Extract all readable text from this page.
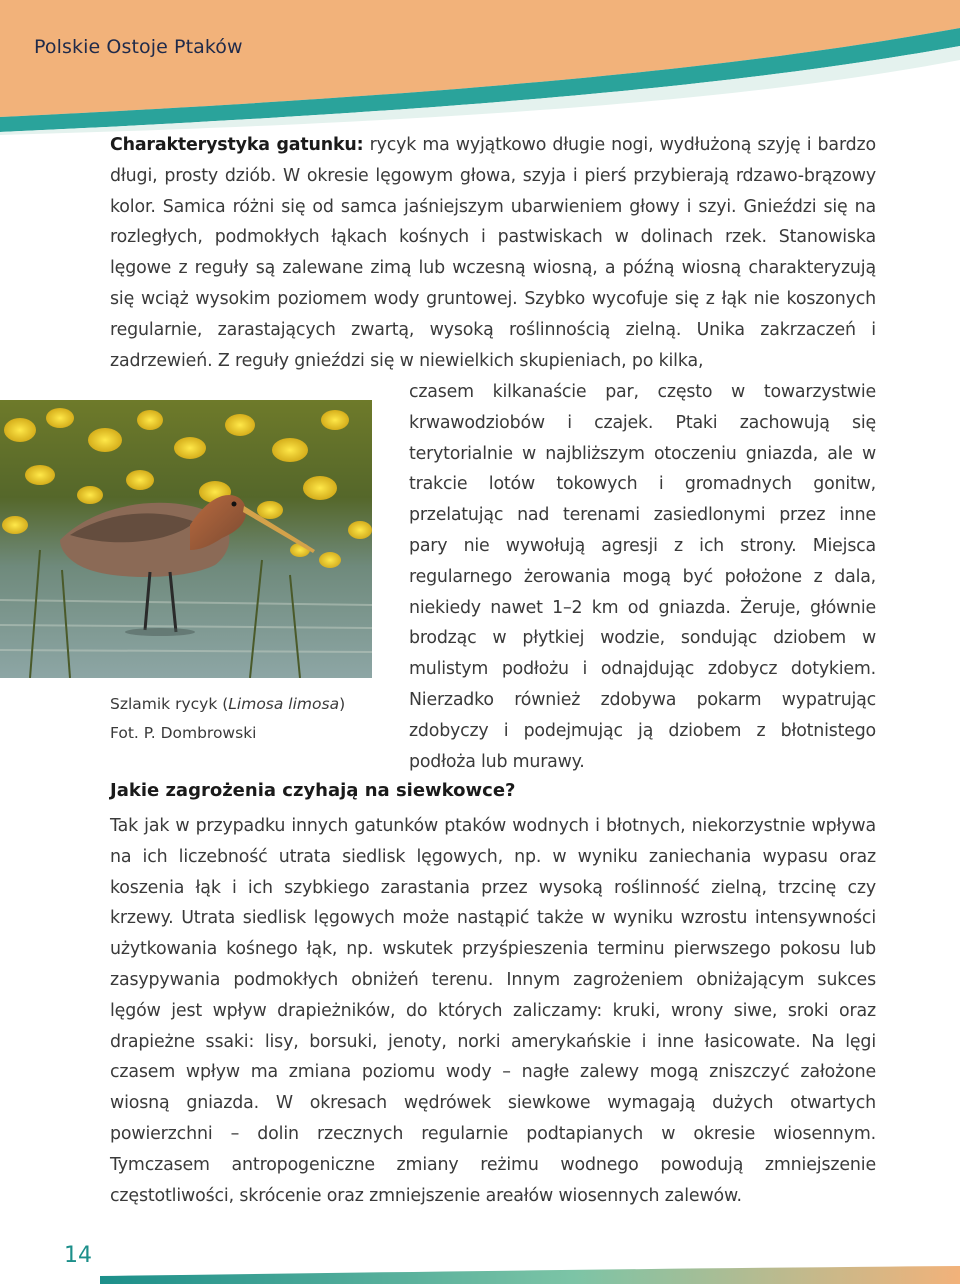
Polskie Ostoje Ptaków

Charakterystyka gatunku: rycyk ma wyjątkowo długie nogi, wydłużoną szyję i bardzo długi, prosty dziób. W okresie lęgowym głowa, szyja i pierś przybierają rdzawo-brązowy kolor. Samica różni się od samca jaśniejszym ubarwieniem głowy i szyi. Gnieździ się na rozległych, podmokłych łąkach kośnych i pastwiskach w dolinach rzek. Stanowiska lęgowe z reguły są zalewane zimą lub wczesną wiosną, a późną wiosną charakteryzują się wciąż wysokim poziomem wody gruntowej. Szybko wycofuje się z łąk nie koszonych regularnie, zarastających zwartą, wysoką roślinnością zielną. Unika zakrzaczeń i zadrzewień. Z reguły gnieździ się w niewielkich skupieniach, po kilka,

Szlamik rycyk (Limosa limosa)
Fot. P. Dombrowski

czasem kilkanaście par, często w towarzystwie krwawodziobów i czajek. Ptaki zachowują się terytorialnie w najbliższym otoczeniu gniazda, ale w trakcie lotów tokowych i gromadnych gonitw, przelatując nad terenami zasiedlonymi przez inne pary nie wywołują agresji z ich strony. Miejsca regularnego żerowania mogą być położone z dala, niekiedy nawet 1–2 km od gniazda. Żeruje, głównie brodząc w płytkiej wodzie, sondując dziobem w mulistym podłożu i odnajdując zdobycz dotykiem. Nierzadko również zdobywa pokarm wypatrując zdobyczy i podejmując ją dziobem z błotnistego podłoża lub murawy.

Jakie zagrożenia czyhają na siewkowce?

Tak jak w przypadku innych gatunków ptaków wodnych i błotnych, niekorzystnie wpływa na ich liczebność utrata siedlisk lęgowych, np. w wyniku zaniechania wypasu oraz koszenia łąk i ich szybkiego zarastania przez wysoką roślinność zielną, trzcinę czy krzewy. Utrata siedlisk lęgowych może nastąpić także w wyniku wzrostu intensywności użytkowania kośnego łąk, np. wskutek przyśpieszenia terminu pierwszego pokosu lub zasypywania podmokłych obniżeń terenu. Innym zagrożeniem obniżającym sukces lęgów jest wpływ drapieżników, do których zaliczamy: kruki, wrony siwe, sroki oraz drapieżne ssaki: lisy, borsuki, jenoty, norki amerykańskie i inne łasicowate. Na lęgi czasem wpływ ma zmiana poziomu wody – nagłe zalewy mogą zniszczyć założone wiosną gniazda. W okresach wędrówek siewkowe wymagają dużych otwartych powierzchni – dolin rzecznych regularnie podtapianych w okresie wiosennym. Tymczasem antropogeniczne zmiany reżimu wodnego powodują zmniejszenie częstotliwości, skrócenie oraz zmniejszenie areałów wiosennych zalewów.

14
